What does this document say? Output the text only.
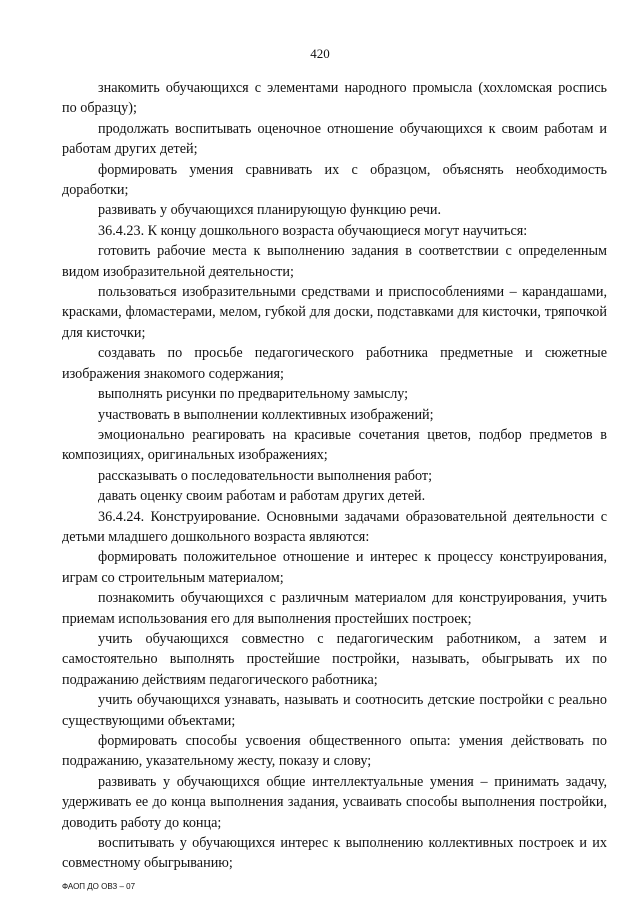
420

знакомить обучающихся с элементами народного промысла (хохломская роспись по образцу);

продолжать воспитывать оценочное отношение обучающихся к своим работам и работам других детей;

формировать умения сравнивать их с образцом, объяснять необходимость доработки;

развивать у обучающихся планирующую функцию речи.

36.4.23. К концу дошкольного возраста обучающиеся могут научиться:

готовить рабочие места к выполнению задания в соответствии с определенным видом изобразительной деятельности;

пользоваться изобразительными средствами и приспособлениями – карандашами, красками, фломастерами, мелом, губкой для доски, подставками для кисточки, тряпочкой для кисточки;

создавать по просьбе педагогического работника предметные и сюжетные изображения знакомого содержания;

выполнять рисунки по предварительному замыслу;

участвовать в выполнении коллективных изображений;

эмоционально реагировать на красивые сочетания цветов, подбор предметов в композициях, оригинальных изображениях;

рассказывать о последовательности выполнения работ;

давать оценку своим работам и работам других детей.

36.4.24. Конструирование. Основными задачами образовательной деятельности с детьми младшего дошкольного возраста являются:

формировать положительное отношение и интерес к процессу конструирования, играм со строительным материалом;

познакомить обучающихся с различным материалом для конструирования, учить приемам использования его для выполнения простейших построек;

учить обучающихся совместно с педагогическим работником, а затем и самостоятельно выполнять простейшие постройки, называть, обыгрывать их по подражанию действиям педагогического работника;

учить обучающихся узнавать, называть и соотносить детские постройки с реально существующими объектами;

формировать способы усвоения общественного опыта: умения действовать по подражанию, указательному жесту, показу и слову;

развивать у обучающихся общие интеллектуальные умения – принимать задачу, удерживать ее до конца выполнения задания, усваивать способы выполнения постройки, доводить работу до конца;

воспитывать у обучающихся интерес к выполнению коллективных построек и их совместному обыгрыванию;

ФАОП ДО ОВЗ – 07
